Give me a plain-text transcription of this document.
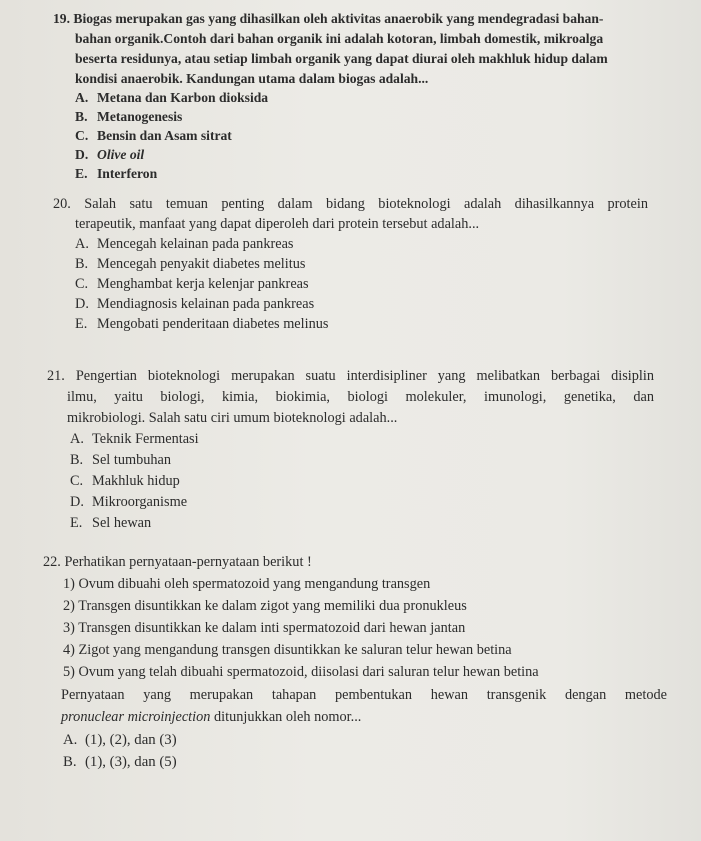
19. Biogas merupakan gas yang dihasilkan oleh aktivitas anaerobik yang mendegradasi bahan-
bahan organik.Contoh dari bahan organik ini adalah kotoran, limbah domestik, mikroalga
beserta residunya, atau setiap limbah organik yang dapat diurai oleh makhluk hidup dalam
kondisi anaerobik. Kandungan utama dalam biogas adalah...
A. Metana dan Karbon dioksida
B. Metanogenesis
C. Bensin dan Asam sitrat
D. Olive oil
E. Interferon
20. Salah satu temuan penting dalam bidang bioteknologi adalah dihasilkannya protein
terapeutik, manfaat yang dapat diperoleh dari protein tersebut adalah...
A. Mencegah kelainan pada pankreas
B. Mencegah penyakit diabetes melitus
C. Menghambat kerja kelenjar pankreas
D. Mendiagnosis kelainan pada pankreas
E. Mengobati penderitaan diabetes melinus
21. Pengertian bioteknologi merupakan suatu interdisipliner yang melibatkan berbagai disiplin
ilmu, yaitu biologi, kimia, biokimia, biologi molekuler, imunologi, genetika, dan
mikrobiologi. Salah satu ciri umum bioteknologi adalah...
A. Teknik Fermentasi
B. Sel tumbuhan
C. Makhluk hidup
D. Mikroorganisme
E. Sel hewan
22. Perhatikan pernyataan-pernyataan berikut !
1) Ovum dibuahi oleh spermatozoid yang mengandung transgen
2) Transgen disuntikkan ke dalam zigot yang memiliki dua pronukleus
3) Transgen disuntikkan ke dalam inti spermatozoid dari hewan jantan
4) Zigot yang mengandung transgen disuntikkan ke saluran telur hewan betina
5) Ovum yang telah dibuahi spermatozoid, diisolasi dari saluran telur hewan betina
Pernyataan yang merupakan tahapan pembentukan hewan transgenik dengan metode
pronuclear microinjection ditunjukkan oleh nomor...
A. (1), (2), dan (3)
B. (1), (3), dan (5)
